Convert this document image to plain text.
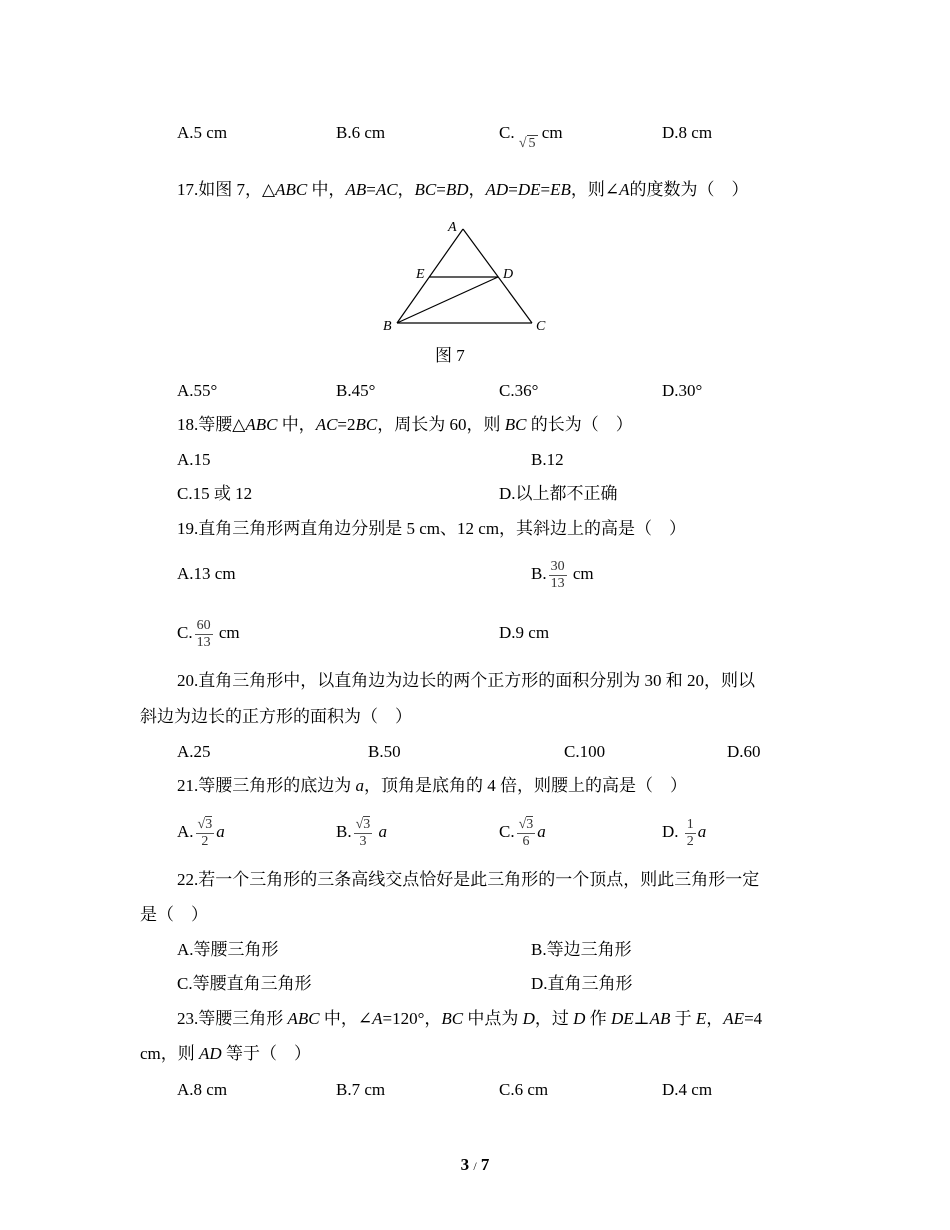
A.5 cm	B.6 cm	C. √ 5 cm	D.8 cm
17.如图 7，△ABC 中，AB=AC，BC=BD，AD=DE=EB，则∠A的度数为（　）
A
E	D
B	C
图 7
A.55°	B.45°	C.36°	D.30°
18.等腰△ABC 中，AC=2BC，周长为 60，则 BC 的长为（　）
A.15	B.12
C.15 或 12	D.以上都不正确
19.直角三角形两直角边分别是 5 cm、12 cm，其斜边上的高是（　）
A.13 cm	B. $\frac{30}{13}$ cm
C. $\frac{60}{13}$ cm	D.9 cm
20.直角三角形中，以直角边为边长的两个正方形的面积分别为 30 和 20，则以
斜边为边长的正方形的面积为（　）
A.25	B.50	C.100	D.60
21.等腰三角形的底边为 a，顶角是底角的 4 倍，则腰上的高是（　）
A. $\frac{√3}{2}$ a	B. $\frac{√3}{3}$ a	C. $\frac{√3}{6}$ a	D. $\frac{1}{2}$ a
22.若一个三角形的三条高线交点恰好是此三角形的一个顶点，则此三角形一定
是（　）
A.等腰三角形	B.等边三角形
C.等腰直角三角形	D.直角三角形
23.等腰三角形 ABC 中，∠A=120°，BC 中点为 D，过 D 作 DE⊥AB 于 E，AE=4
cm，则 AD 等于（　）
A.8 cm	B.7 cm	C.6 cm	D.4 cm
3 / 7
